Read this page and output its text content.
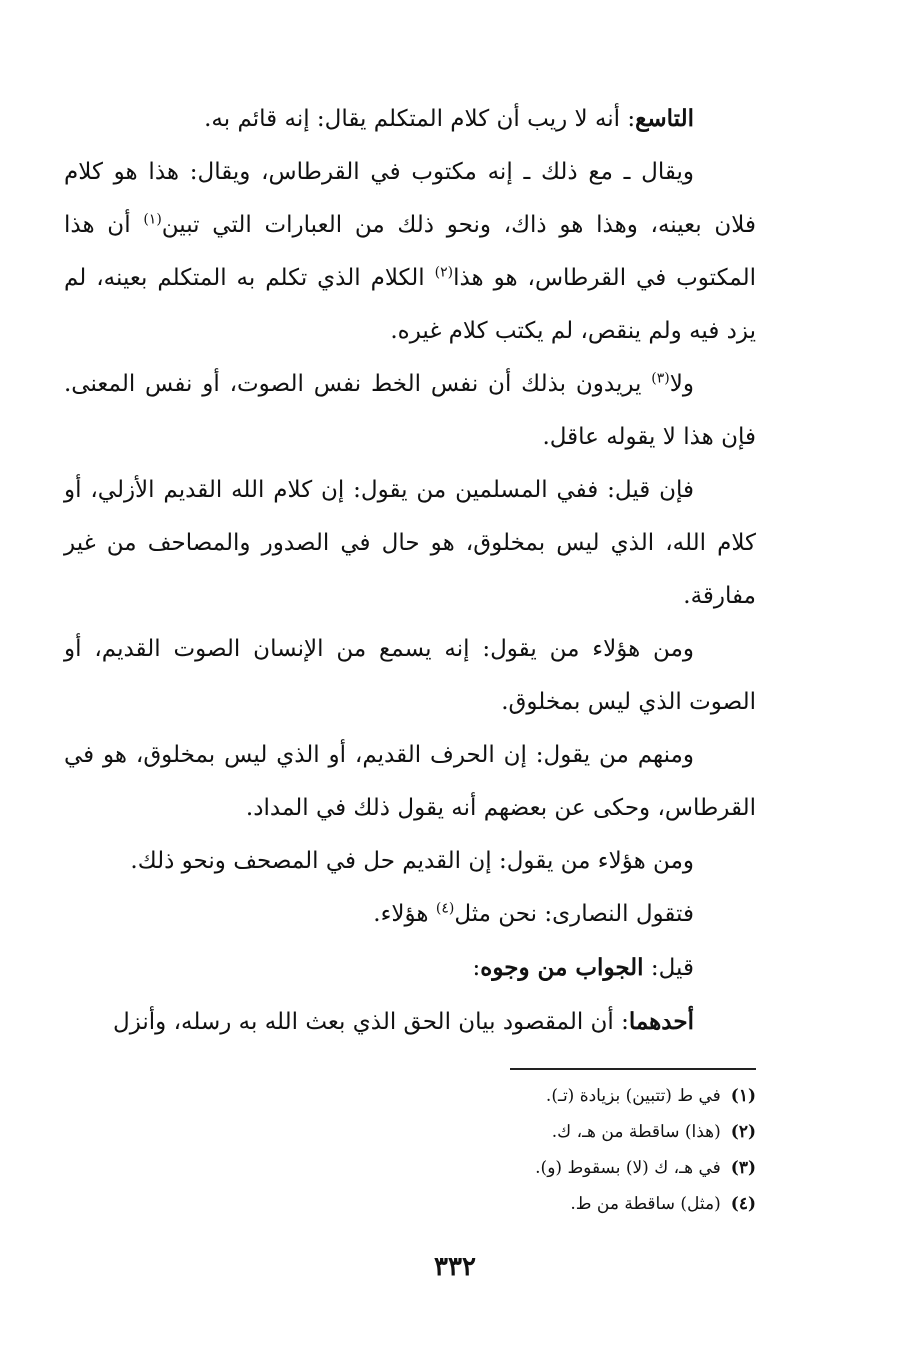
التاسع: أنه لا ريب أن كلام المتكلم يقال: إنه قائم به.

ويقال ـ مع ذلك ـ إنه مكتوب في القرطاس، ويقال: هذا هو كلام فلان بعينه، وهذا هو ذاك، ونحو ذلك من العبارات التي تبين$^{(١)}$ أن هذا المكتوب في القرطاس، هو هذا$^{(٢)}$ الكلام الذي تكلم به المتكلم بعينه، لم يزد فيه ولم ينقص، لم يكتب كلام غيره.

ولا$^{(٣)}$ يريدون بذلك أن نفس الخط نفس الصوت، أو نفس المعنى. فإن هذا لا يقوله عاقل.

فإن قيل: ففي المسلمين من يقول: إن كلام الله القديم الأزلي، أو كلام الله، الذي ليس بمخلوق، هو حال في الصدور والمصاحف من غير مفارقة.

ومن هؤلاء من يقول: إنه يسمع من الإنسان الصوت القديم، أو الصوت الذي ليس بمخلوق.

ومنهم من يقول: إن الحرف القديم، أو الذي ليس بمخلوق، هو في القرطاس، وحكى عن بعضهم أنه يقول ذلك في المداد.

ومن هؤلاء من يقول: إن القديم حل في المصحف ونحو ذلك.

فتقول النصارى: نحن مثل$^{(٤)}$ هؤلاء.

قيل: الجواب من وجوه:

أحدهما: أن المقصود بيان الحق الذي بعث الله به رسله، وأنزل

(١)في ط (تتبين) بزيادة (تـ).
(٢)(هذا) ساقطة من هـ، ك.
(٣)في هـ، ك (لا) بسقوط (و).
(٤)(مثل) ساقطة من ط.
٣٣٢
